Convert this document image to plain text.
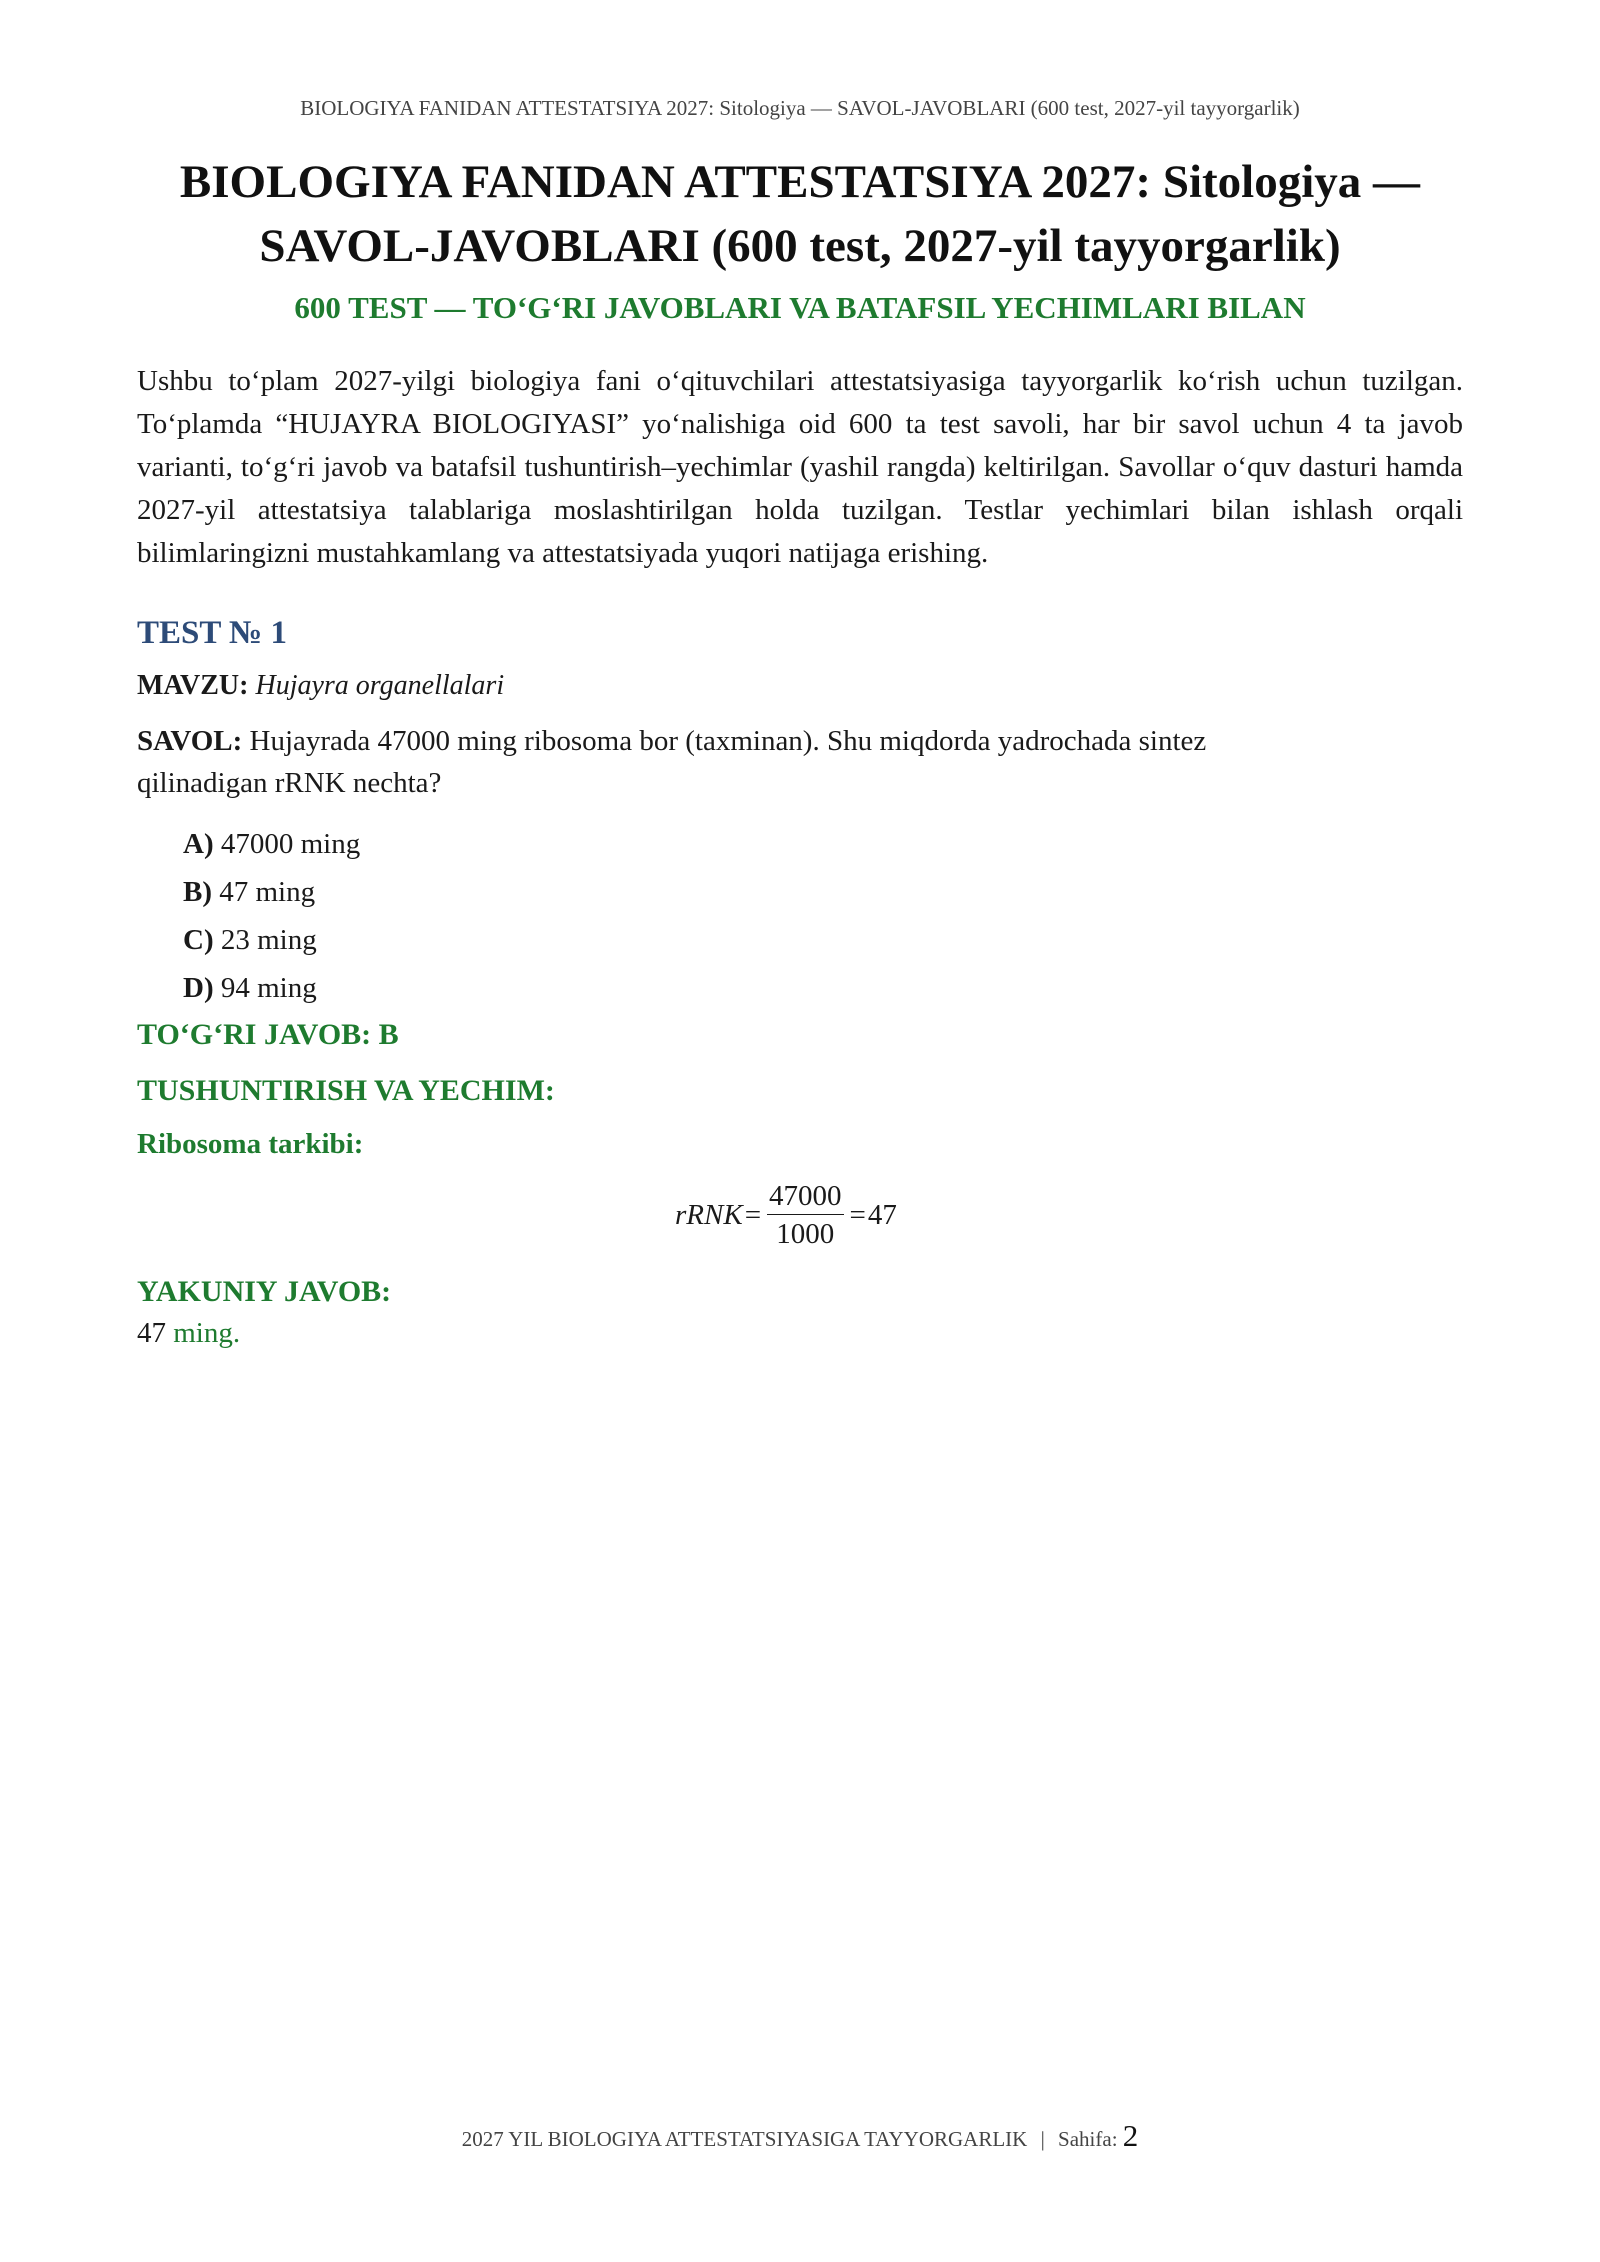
BIOLOGIYA FANIDAN ATTESTATSIYA 2027: Sitologiya — SAVOL-JAVOBLARI (600 test, 2027-yil tayyorgarlik)
BIOLOGIYA FANIDAN ATTESTATSIYA 2027: Sitologiya —
SAVOL-JAVOBLARI (600 test, 2027-yil tayyorgarlik)
600 TEST — TO‘G‘RI JAVOBLARI VA BATAFSIL YECHIMLARI BILAN

Ushbu to‘plam 2027-yilgi biologiya fani o‘qituvchilari attestatsiyasiga tayyorgarlik ko‘rish uchun tuzilgan. To‘plamda “HUJAYRA BIOLOGIYASI” yo‘nalishiga oid 600 ta test savoli, har bir savol uchun 4 ta javob varianti, to‘g‘ri javob va batafsil tushuntirish–yechimlar (yashil rangda) keltirilgan. Savollar o‘quv dasturi hamda 2027-yil attestatsiya talablariga moslashtirilgan holda tuzilgan. Testlar yechimlari bilan ishlash orqali bilimlaringizni mustahkamlang va attestatsiyada yuqori natijaga erishing.

TEST № 1
MAVZU: Hujayra organellalari
SAVOL: Hujayrada 47000 ming ribosoma bor (taxminan). Shu miqdorda yadrochada sintez qilinadigan rRNK nechta?
A) 47000 ming
B) 47 ming
C) 23 ming
D) 94 ming
TO‘G‘RI JAVOB: B
TUSHUNTIRISH VA YECHIM:
Ribosoma tarkibi:
rRNK = $\frac{47000}{1000} = 47$
YAKUNIY JAVOB:
47 ming.
2027 YIL BIOLOGIYA ATTESTATSIYASIGA TAYYORGARLIK | Sahifa: 2
